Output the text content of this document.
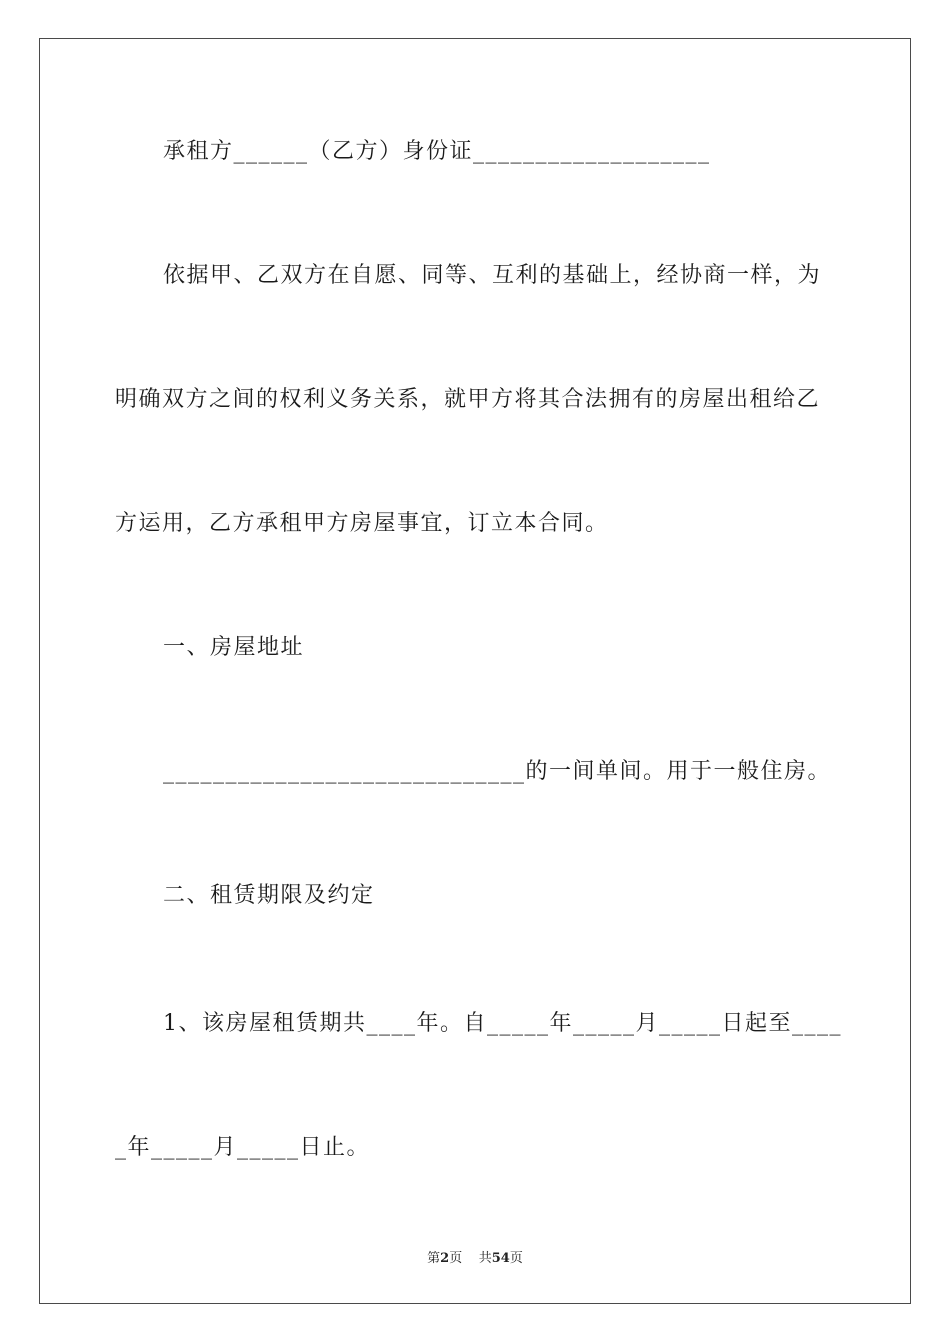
承租方______（乙方）身份证___________________
依据甲、乙双方在自愿、同等、互利的基础上，经协商一样，为
明确双方之间的权利义务关系，就甲方将其合法拥有的房屋出租给乙
方运用，乙方承租甲方房屋事宜，订立本合同。
一、房屋地址
_____________________________的一间单间。用于一般住房。
二、租赁期限及约定
1、该房屋租赁期共____年。自_____年_____月_____日起至____
_年_____月_____日止。
第2页 共54页
